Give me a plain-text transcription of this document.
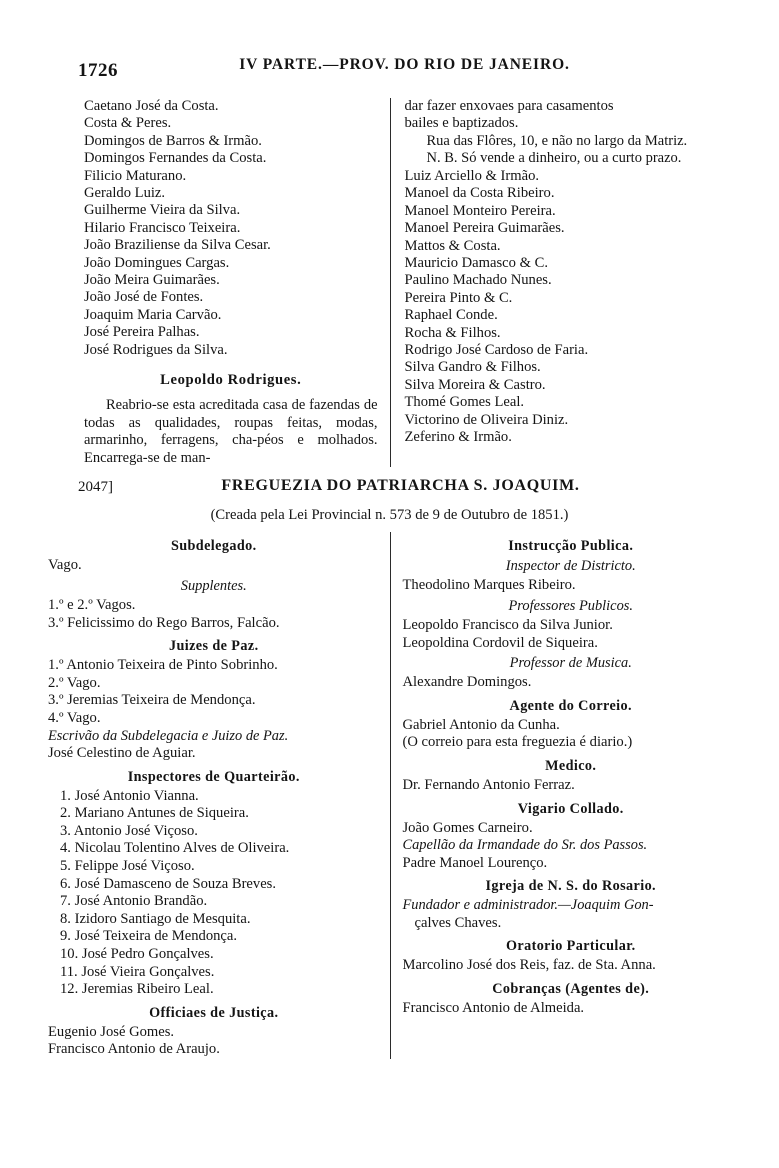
1726	IV PARTE.—PROV. DO RIO DE JANEIRO.
Caetano José da Costa.
Costa & Peres.
Domingos de Barros & Irmão.
Domingos Fernandes da Costa.
Filicio Maturano.
Geraldo Luiz.
Guilherme Vieira da Silva.
Hilario Francisco Teixeira.
João Braziliense da Silva Cesar.
João Domingues Cargas.
João Meira Guimarães.
João José de Fontes.
Joaquim Maria Carvão.
José Pereira Palhas.
José Rodrigues da Silva.
Leopoldo Rodrigues.
Reabrio-se esta acreditada casa de fazendas de todas as qualidades, roupas feitas, modas, armarinho, ferragens, cha-péos e molhados. Encarrega-se de man-
dar fazer enxovaes para casamentos
bailes e baptizados.
Rua das Flôres, 10, e não no largo da Matriz.
N. B. Só vende a dinheiro, ou a curto prazo.
Luiz Arciello & Irmão.
Manoel da Costa Ribeiro.
Manoel Monteiro Pereira.
Manoel Pereira Guimarães.
Mattos & Costa.
Mauricio Damasco & C.
Paulino Machado Nunes.
Pereira Pinto & C.
Raphael Conde.
Rocha & Filhos.
Rodrigo José Cardoso de Faria.
Silva Gandro & Filhos.
Silva Moreira & Castro.
Thomé Gomes Leal.
Victorino de Oliveira Diniz.
Zeferino & Irmão.
2047]	FREGUEZIA DO PATRIARCHA S. JOAQUIM.
(Creada pela Lei Provincial n. 573 de 9 de Outubro de 1851.)
Subdelegado.
Vago.
Supplentes.
1.º e 2.º Vagos.
3.º Felicissimo do Rego Barros, Falcão.
Juizes de Paz.
1.º Antonio Teixeira de Pinto Sobrinho.
2.º Vago.
3.º Jeremias Teixeira de Mendonça.
4.º Vago.
Escrivão da Subdelegacia e Juizo de Paz.
José Celestino de Aguiar.
Inspectores de Quarteirão.
1. José Antonio Vianna.
2. Mariano Antunes de Siqueira.
3. Antonio José Viçoso.
4. Nicolau Tolentino Alves de Oliveira.
5. Felippe José Viçoso.
6. José Damasceno de Souza Breves.
7. José Antonio Brandão.
8. Izidoro Santiago de Mesquita.
9. José Teixeira de Mendonça.
10. José Pedro Gonçalves.
11. José Vieira Gonçalves.
12. Jeremias Ribeiro Leal.
Officiaes de Justiça.
Eugenio José Gomes.
Francisco Antonio de Araujo.
Instrucção Publica.
Inspector de Districto.
Theodolino Marques Ribeiro.
Professores Publicos.
Leopoldo Francisco da Silva Junior.
Leopoldina Cordovil de Siqueira.
Professor de Musica.
Alexandre Domingos.
Agente do Correio.
Gabriel Antonio da Cunha.
(O correio para esta freguezia é diario.)
Medico.
Dr. Fernando Antonio Ferraz.
Vigario Collado.
João Gomes Carneiro.
Capellão da Irmandade do Sr. dos Passos.
Padre Manoel Lourenço.
Igreja de N. S. do Rosario.
Fundador e administrador.—Joaquim Gon-
çalves Chaves.
Oratorio Particular.
Marcolino José dos Reis, faz. de Sta. Anna.
Cobranças (Agentes de).
Francisco Antonio de Almeida.
